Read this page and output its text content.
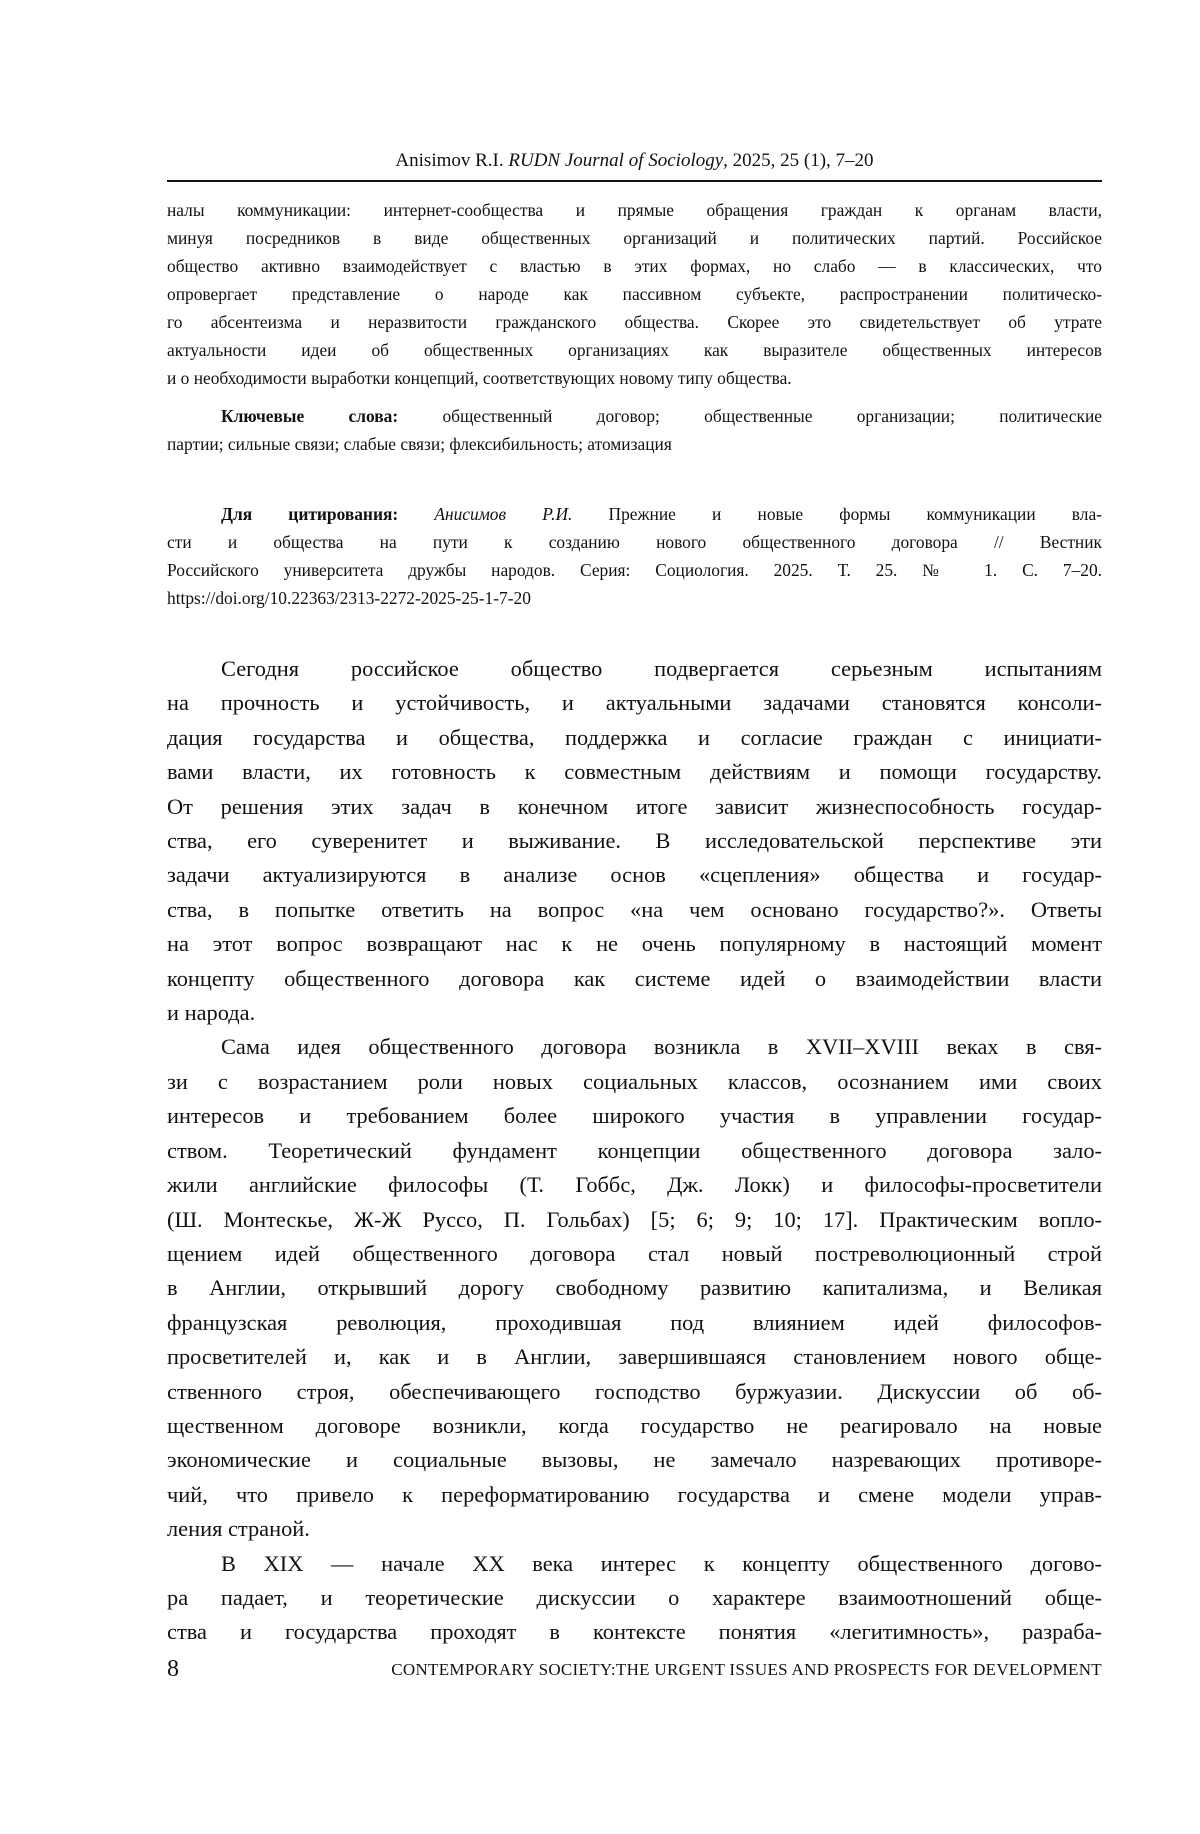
Anisimov R.I. RUDN Journal of Sociology, 2025, 25 (1), 7–20
налы коммуникации: интернет-сообщества и прямые обращения граждан к органам власти,
минуя посредников в виде общественных организаций и политических партий. Российское
общество активно взаимодействует с властью в этих формах, но слабо — в классических, что
опровергает представление о народе как пассивном субъекте, распространении политическо-
го абсентеизма и неразвитости гражданского общества. Скорее это свидетельствует об утрате
актуальности идеи об общественных организациях как выразителе общественных интересов
и о необходимости выработки концепций, соответствующих новому типу общества.
Ключевые слова: общественный договор; общественные организации; политические
партии; сильные связи; слабые связи; флексибильность; атомизация
Для цитирования: Анисимов Р.И. Прежние и новые формы коммуникации вла-
сти и общества на пути к созданию нового общественного договора // Вестник
Российского университета дружбы народов. Серия: Социология. 2025. Т. 25. № 1. С. 7–20.
https://doi.org/10.22363/2313-2272-2025-25-1-7-20
Сегодня российское общество подвергается серьезным испытаниям
на прочность и устойчивость, и актуальными задачами становятся консоли-
дация государства и общества, поддержка и согласие граждан с инициати-
вами власти, их готовность к совместным действиям и помощи государству.
От решения этих задач в конечном итоге зависит жизнеспособность государ-
ства, его суверенитет и выживание. В исследовательской перспективе эти
задачи актуализируются в анализе основ «сцепления» общества и государ-
ства, в попытке ответить на вопрос «на чем основано государство?». Ответы
на этот вопрос возвращают нас к не очень популярному в настоящий момент
концепту общественного договора как системе идей о взаимодействии власти
и народа.
Сама идея общественного договора возникла в XVII–XVIII веках в свя-
зи с возрастанием роли новых социальных классов, осознанием ими своих
интересов и требованием более широкого участия в управлении государ-
ством. Теоретический фундамент концепции общественного договора зало-
жили английские философы (Т. Гоббс, Дж. Локк) и философы-просветители
(Ш. Монтескье, Ж-Ж Руссо, П. Гольбах) [5; 6; 9; 10; 17]. Практическим вопло-
щением идей общественного договора стал новый постреволюционный строй
в Англии, открывший дорогу свободному развитию капитализма, и Великая
французская революция, проходившая под влиянием идей философов-
просветителей и, как и в Англии, завершившаяся становлением нового обще-
ственного строя, обеспечивающего господство буржуазии. Дискуссии об об-
щественном договоре возникли, когда государство не реагировало на новые
экономические и социальные вызовы, не замечало назревающих противоре-
чий, что привело к переформатированию государства и смене модели управ-
ления страной.
В XIX — начале XX века интерес к концепту общественного догово-
ра падает, и теоретические дискуссии о характере взаимоотношений обще-
ства и государства проходят в контексте понятия «легитимность», разраба-
8	CONTEMPORARY SOCIETY:THE URGENT ISSUES AND PROSPECTS FOR DEVELOPMENT
